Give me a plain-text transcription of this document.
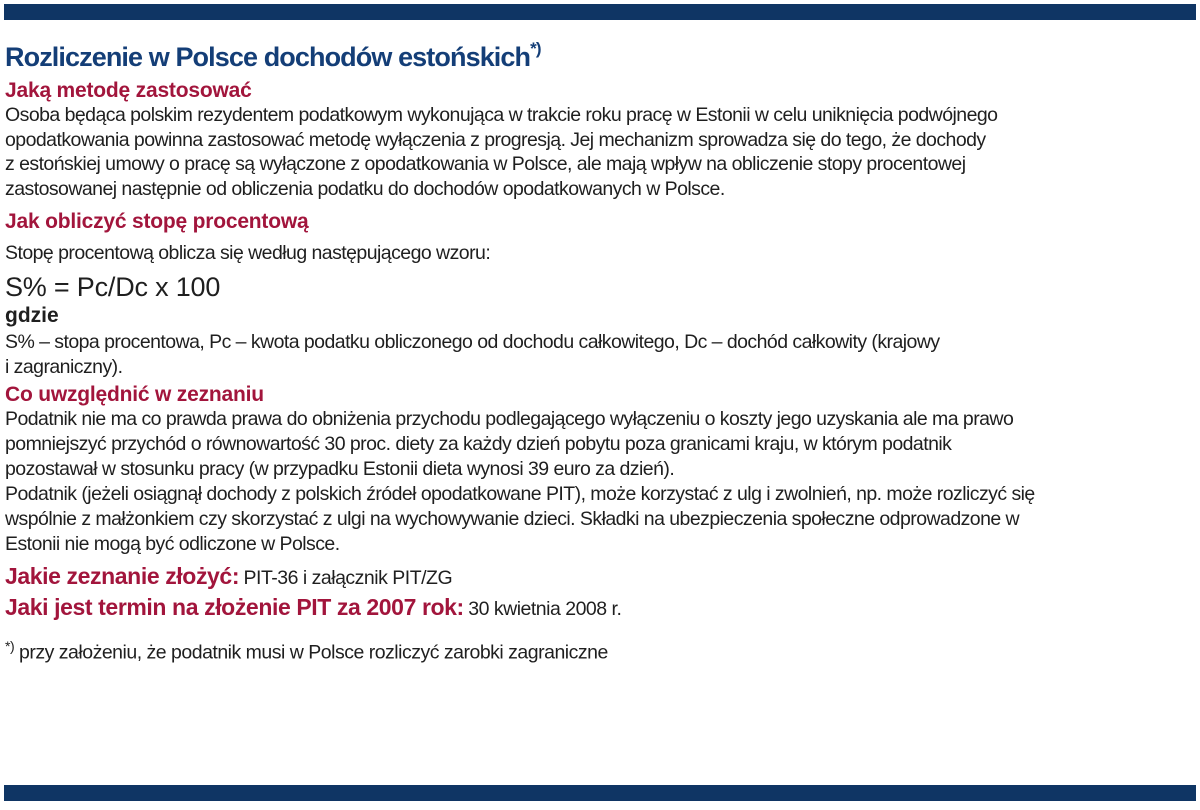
Rozliczenie w Polsce dochodów estońskich*)
Jaką metodę zastosować
Osoba będąca polskim rezydentem podatkowym wykonująca w trakcie roku pracę w Estonii w celu uniknięcia podwójnego
opodatkowania powinna zastosować metodę wyłączenia z progresją. Jej mechanizm sprowadza się do tego, że dochody
z estońskiej umowy o pracę są wyłączone z opodatkowania w Polsce, ale mają wpływ na obliczenie stopy procentowej
zastosowanej następnie od obliczenia podatku do dochodów opodatkowanych w Polsce.
Jak obliczyć stopę procentową
Stopę procentową oblicza się według następującego wzoru:
S% = Pc/Dc x 100
gdzie
S% – stopa procentowa, Pc – kwota podatku obliczonego od dochodu całkowitego, Dc – dochód całkowity (krajowy
i zagraniczny).
Co uwzględnić w zeznaniu
Podatnik nie ma co prawda prawa do obniżenia przychodu podlegającego wyłączeniu o koszty jego uzyskania ale ma prawo
pomniejszyć przychód o równowartość 30 proc. diety za każdy dzień pobytu poza granicami kraju, w którym podatnik
pozostawał w stosunku pracy (w przypadku Estonii dieta wynosi 39 euro za dzień).
Podatnik (jeżeli osiągnął dochody z polskich źródeł opodatkowane PIT), może korzystać z ulg i zwolnień, np. może rozliczyć się
wspólnie z małżonkiem czy skorzystać z ulgi na wychowywanie dzieci. Składki na ubezpieczenia społeczne odprowadzone w
Estonii nie mogą być odliczone w Polsce.
Jakie zeznanie złożyć: PIT-36 i załącznik PIT/ZG
Jaki jest termin na złożenie PIT za 2007 rok: 30 kwietnia 2008 r.
*) przy założeniu, że podatnik musi w Polsce rozliczyć zarobki zagraniczne
